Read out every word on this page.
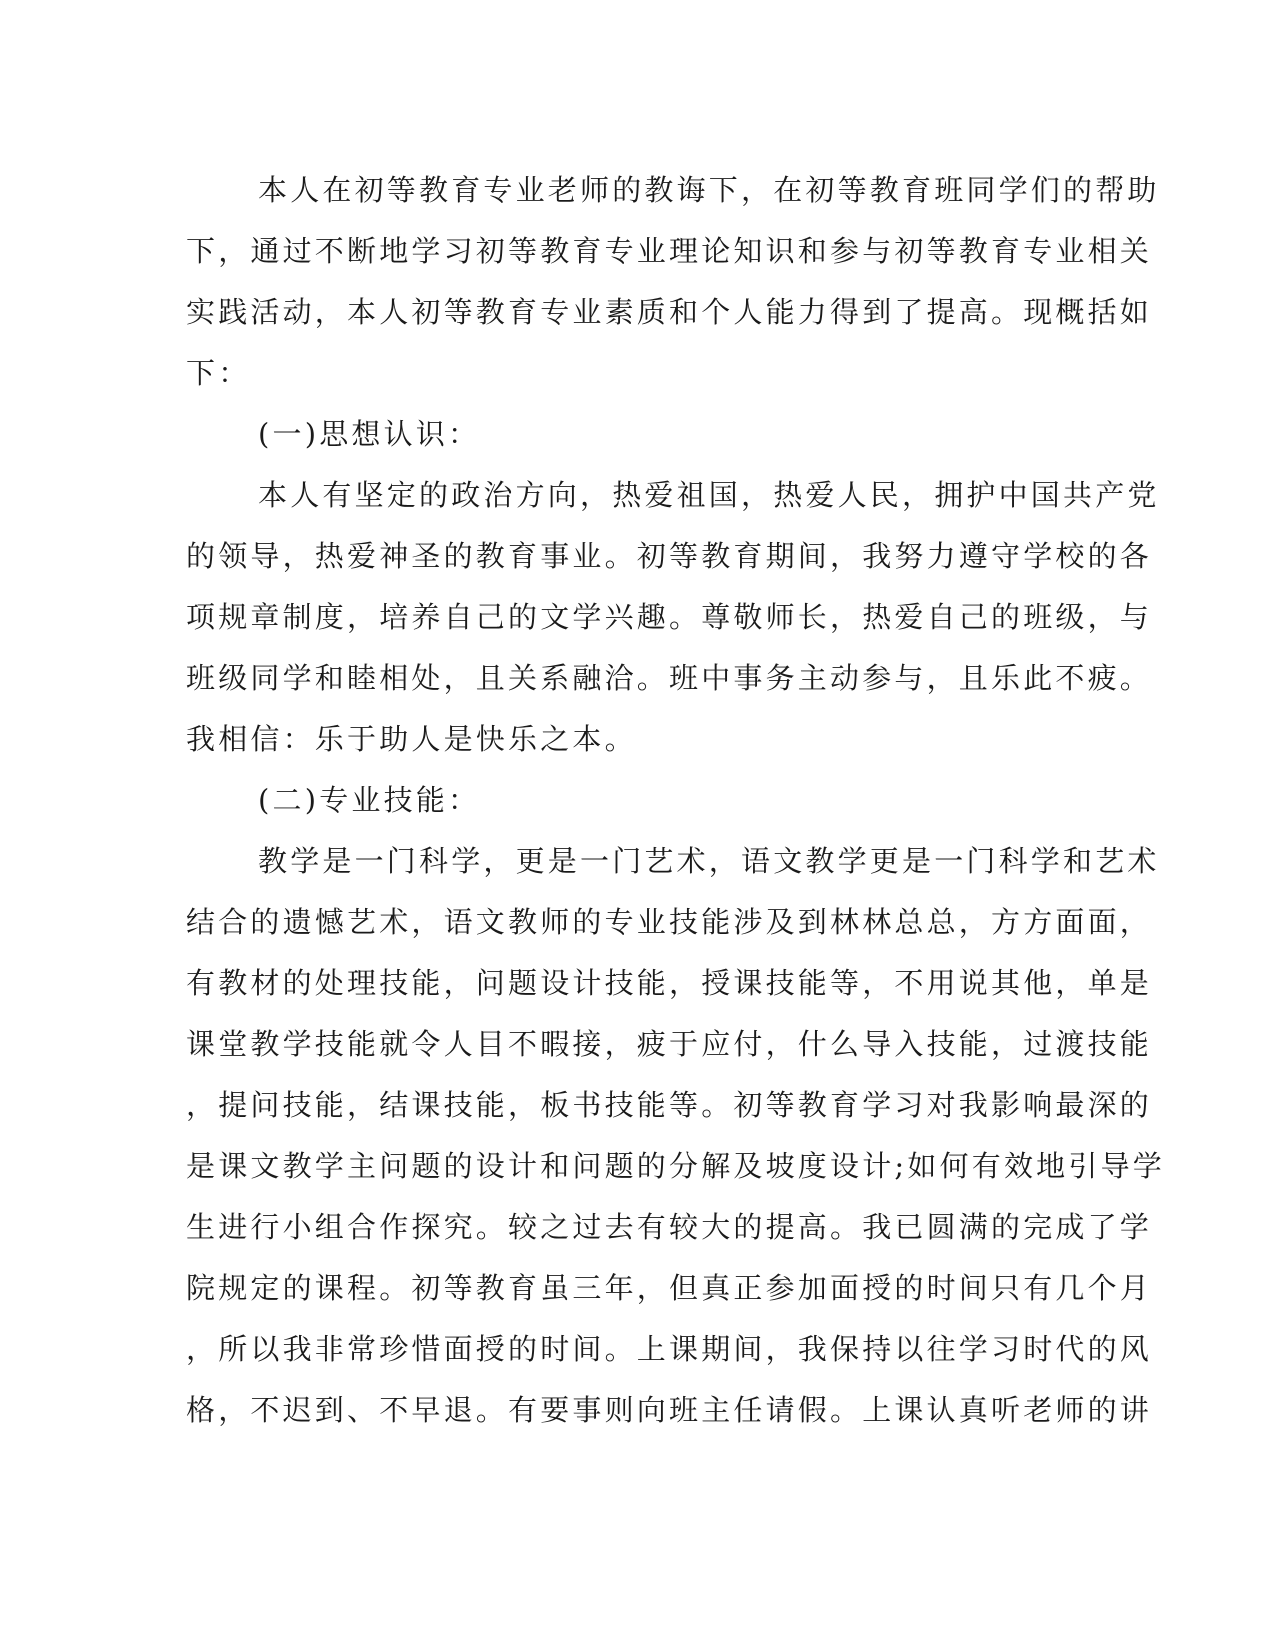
本人在初等教育专业老师的教诲下，在初等教育班同学们的帮助
下，通过不断地学习初等教育专业理论知识和参与初等教育专业相关
实践活动，本人初等教育专业素质和个人能力得到了提高。现概括如
下：
(一)思想认识：
本人有坚定的政治方向，热爱祖国，热爱人民，拥护中国共产党
的领导，热爱神圣的教育事业。初等教育期间，我努力遵守学校的各
项规章制度，培养自己的文学兴趣。尊敬师长，热爱自己的班级，与
班级同学和睦相处，且关系融洽。班中事务主动参与，且乐此不疲。
我相信：乐于助人是快乐之本。
(二)专业技能：
教学是一门科学，更是一门艺术，语文教学更是一门科学和艺术
结合的遗憾艺术，语文教师的专业技能涉及到林林总总，方方面面，
有教材的处理技能，问题设计技能，授课技能等，不用说其他，单是
课堂教学技能就令人目不暇接，疲于应付，什么导入技能，过渡技能
，提问技能，结课技能，板书技能等。初等教育学习对我影响最深的
是课文教学主问题的设计和问题的分解及坡度设计;如何有效地引导学
生进行小组合作探究。较之过去有较大的提高。我已圆满的完成了学
院规定的课程。初等教育虽三年，但真正参加面授的时间只有几个月
，所以我非常珍惜面授的时间。上课期间，我保持以往学习时代的风
格，不迟到、不早退。有要事则向班主任请假。上课认真听老师的讲
